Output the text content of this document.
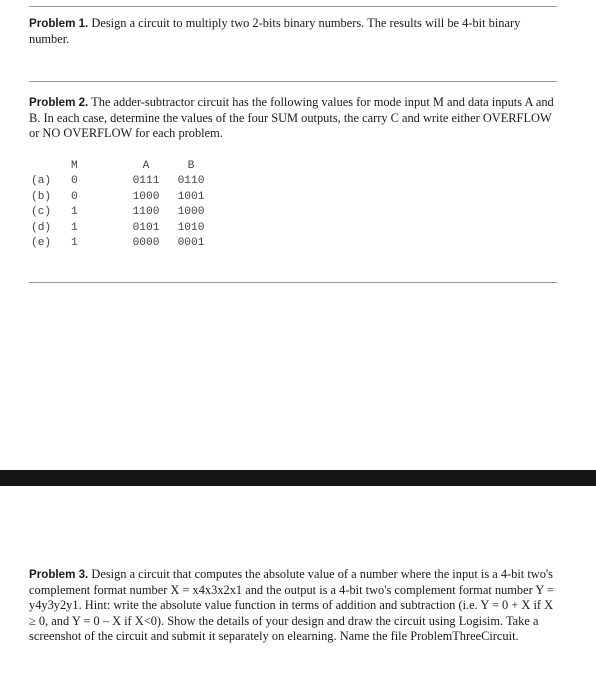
Problem 1. Design a circuit to multiply two 2-bits binary numbers. The results will be 4-bit binary number.
Problem 2. The adder-subtractor circuit has the following values for mode input M and data inputs A and B. In each case, determine the values of the four SUM outputs, the carry C and write either OVERFLOW or NO OVERFLOW for each problem.
	M	A	B
(a)	0	0111	0110
(b)	0	1000	1001
(c)	1	1100	1000
(d)	1	0101	1010
(e)	1	0000	0001
Problem 3. Design a circuit that computes the absolute value of a number where the input is a 4-bit two's complement format number X = x4x3x2x1 and the output is a 4-bit two's complement format number Y = y4y3y2y1. Hint: write the absolute value function in terms of addition and subtraction (i.e. Y = 0 + X if X ≥ 0, and Y = 0 – X if X<0). Show the details of your design and draw the circuit using Logisim. Take a screenshot of the circuit and submit it separately on elearning. Name the file ProblemThreeCircuit.
